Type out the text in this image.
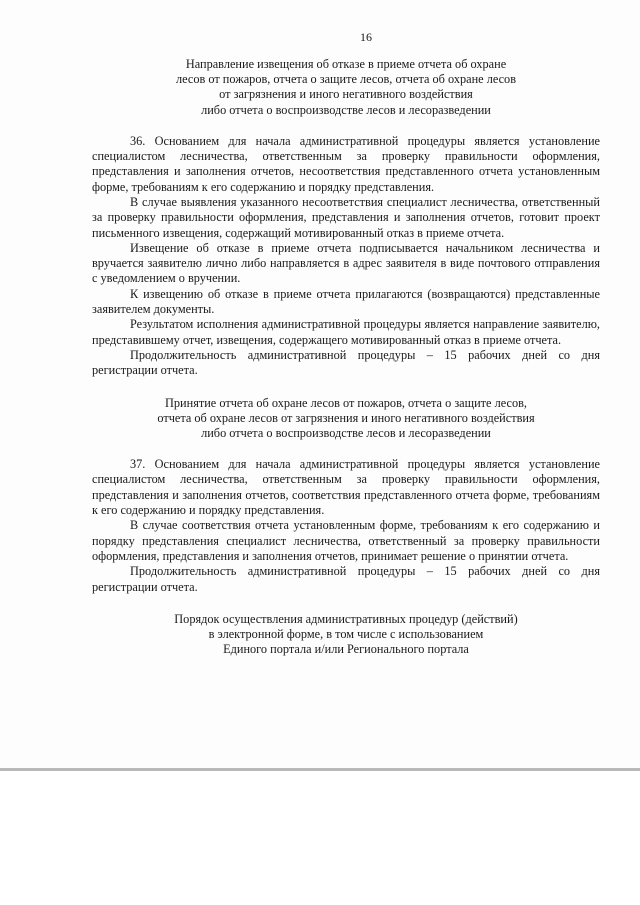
16
Направление извещения об отказе в приеме отчета об охране
лесов от пожаров, отчета о защите лесов, отчета об охране лесов
от загрязнения и иного негативного воздействия
либо отчета о воспроизводстве лесов и лесоразведении

36. Основанием для начала административной процедуры является установление специалистом лесничества, ответственным за проверку правильности оформления, представления и заполнения отчетов, несоответствия представленного отчета установленным форме, требованиям к его содержанию и порядку представления.

В случае выявления указанного несоответствия специалист лесничества, ответственный за проверку правильности оформления, представления и заполнения отчетов, готовит проект письменного извещения, содержащий мотивированный отказ в приеме отчета.

Извещение об отказе в приеме отчета подписывается начальником лесничества и вручается заявителю лично либо направляется в адрес заявителя в виде почтового отправления с уведомлением о вручении.

К извещению об отказе в приеме отчета прилагаются (возвращаются) представленные заявителем документы.

Результатом исполнения административной процедуры является направление заявителю, представившему отчет, извещения, содержащего мотивированный отказ в приеме отчета.

Продолжительность административной процедуры – 15 рабочих дней со дня регистрации отчета.

Принятие отчета об охране лесов от пожаров, отчета о защите лесов,
отчета об охране лесов от загрязнения и иного негативного воздействия
либо отчета о воспроизводстве лесов и лесоразведении

37. Основанием для начала административной процедуры является установление специалистом лесничества, ответственным за проверку правильности оформления, представления и заполнения отчетов, соответствия представленного отчета форме, требованиям к его содержанию и порядку представления.

В случае соответствия отчета установленным форме, требованиям к его содержанию и порядку представления специалист лесничества, ответственный за проверку правильности оформления, представления и заполнения отчетов, принимает решение о принятии отчета.

Продолжительность административной процедуры – 15 рабочих дней со дня регистрации отчета.

Порядок осуществления административных процедур (действий)
в электронной форме, в том числе с использованием
Единого портала и/или Регионального портала
